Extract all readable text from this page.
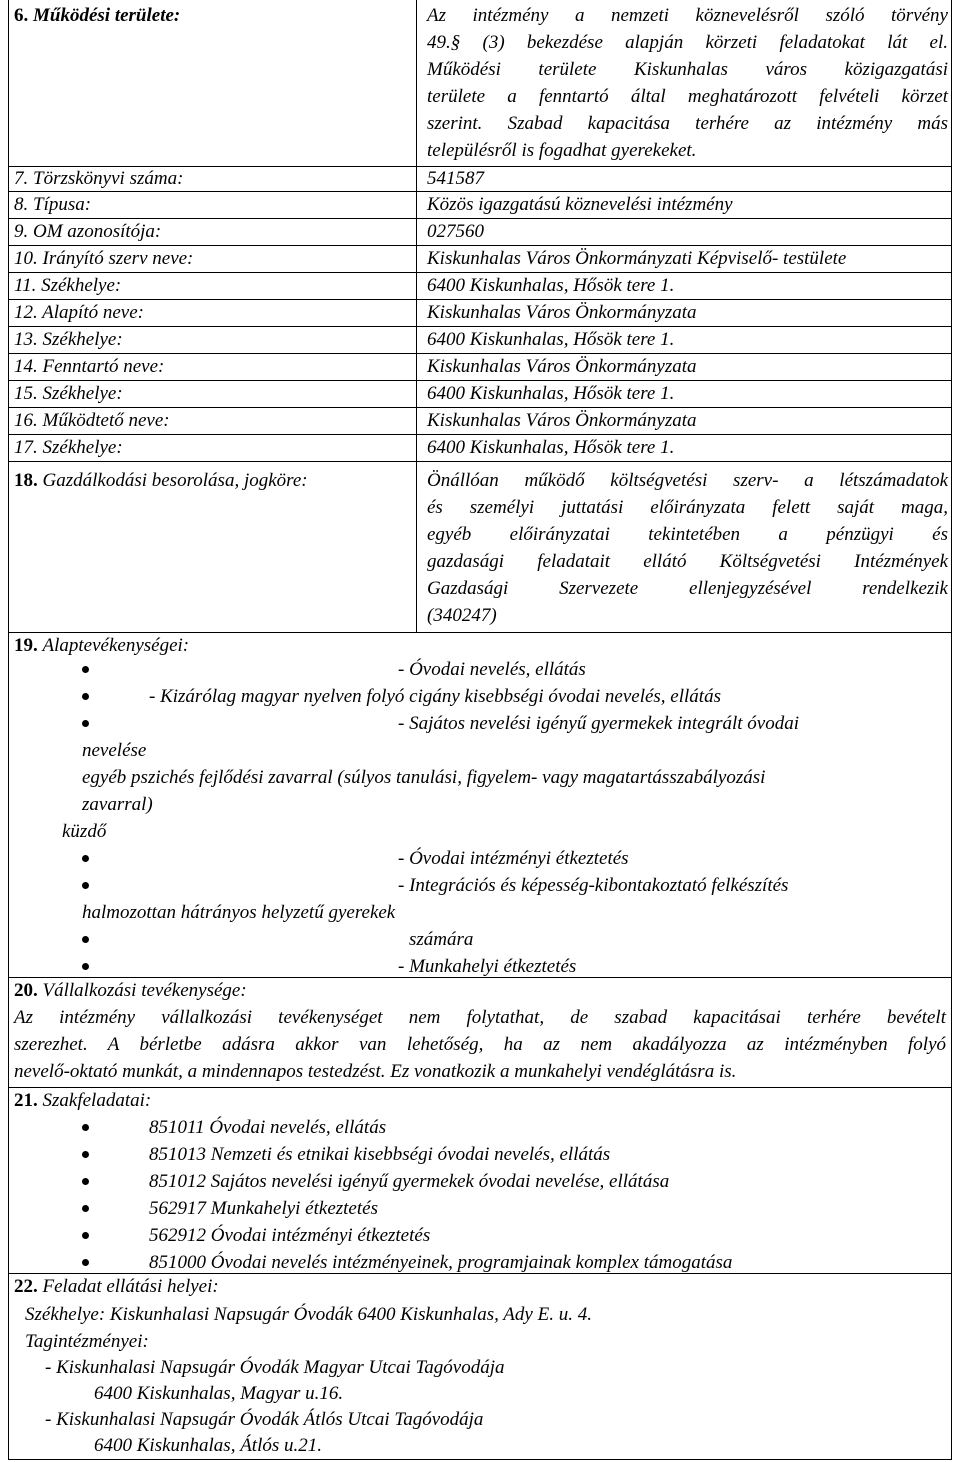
6. Működési területe:	Az intézmény a nemzeti köznevelésről szóló törvény
49.§ (3) bekezdése alapján körzeti feladatokat lát el.
Működési területe Kiskunhalas város közigazgatási
területe a fenntartó által meghatározott felvételi körzet
szerint. Szabad kapacitása terhére az intézmény más
településről is fogadhat gyerekeket.
7. Törzskönyvi száma:	541587
8. Típusa:	Közös igazgatású köznevelési intézmény
9. OM azonosítója:	027560
10. Irányító szerv neve:	Kiskunhalas Város Önkormányzati Képviselő- testülete
11. Székhelye:	6400 Kiskunhalas, Hősök tere 1.
12. Alapító neve:	Kiskunhalas Város Önkormányzata
13. Székhelye:	6400 Kiskunhalas, Hősök tere 1.
14. Fenntartó neve:	Kiskunhalas Város Önkormányzata
15. Székhelye:	6400 Kiskunhalas, Hősök tere 1.
16. Működtető neve:	Kiskunhalas Város Önkormányzata
17. Székhelye:	6400 Kiskunhalas, Hősök tere 1.
18. Gazdálkodási besorolása, jogköre:	Önállóan működő költségvetési szerv- a létszámadatok
és személyi juttatási előirányzata felett saját maga,
egyéb előirányzatai tekintetében a pénzügyi és
gazdasági feladatait ellátó Költségvetési Intézmények
Gazdasági Szervezete ellenjegyzésével rendelkezik
(340247)
19. Alaptevékenységei:
- Óvodai nevelés, ellátás
- Kizárólag magyar nyelven folyó cigány kisebbségi óvodai nevelés, ellátás
- Sajátos nevelési igényű gyermekek integrált óvodai
nevelése
egyéb pszichés fejlődési zavarral (súlyos tanulási, figyelem- vagy magatartásszabályozási
zavarral)
küzdő
- Óvodai intézményi étkeztetés
- Integrációs és képesség-kibontakoztató felkészítés
halmozottan hátrányos helyzetű gyerekek
számára
- Munkahelyi étkeztetés
20. Vállalkozási tevékenysége:
Az intézmény vállalkozási tevékenységet nem folytathat, de szabad kapacitásai terhére bevételt
szerezhet. A bérletbe adásra akkor van lehetőség, ha az nem akadályozza az intézményben folyó
nevelő-oktató munkát, a mindennapos testedzést. Ez vonatkozik a munkahelyi vendéglátásra is.
21. Szakfeladatai:
851011 Óvodai nevelés, ellátás
851013 Nemzeti és etnikai kisebbségi óvodai nevelés, ellátás
851012 Sajátos nevelési igényű gyermekek óvodai nevelése, ellátása
562917 Munkahelyi étkeztetés
562912 Óvodai intézményi étkeztetés
851000 Óvodai nevelés intézményeinek, programjainak komplex támogatása
22. Feladat ellátási helyei:
Székhelye: Kiskunhalasi Napsugár Óvodák 6400 Kiskunhalas, Ady E. u. 4.
Tagintézményei:
- Kiskunhalasi Napsugár Óvodák Magyar Utcai Tagóvodája
6400 Kiskunhalas, Magyar u.16.
- Kiskunhalasi Napsugár Óvodák Átlós Utcai Tagóvodája
6400 Kiskunhalas, Átlós u.21.
